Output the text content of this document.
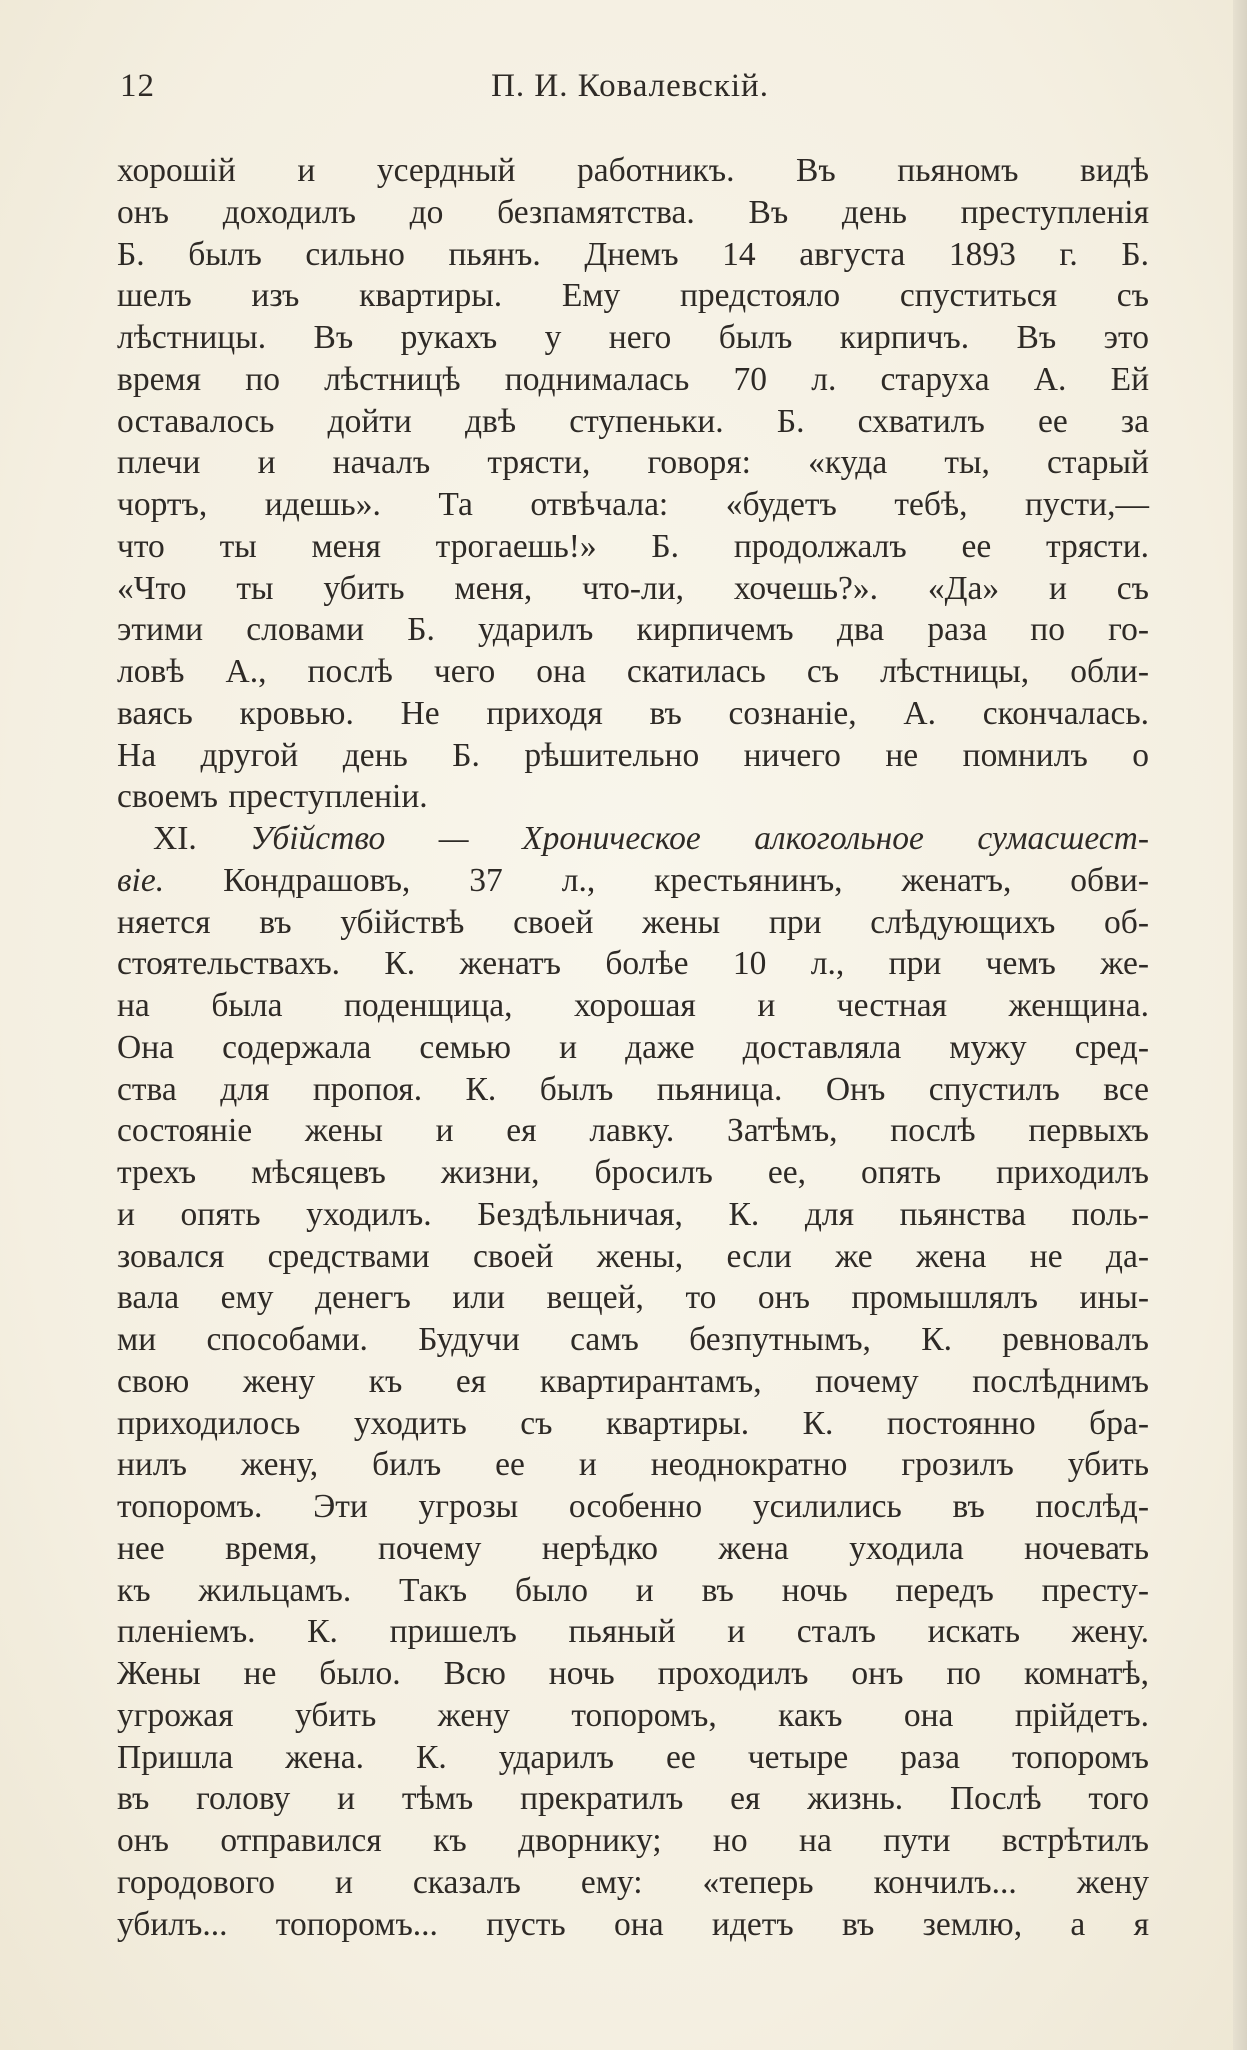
12	П. И. Ковалевскій.
хорошій и усердный работникъ. Въ пьяномъ видѣ
онъ доходилъ до безпамятства. Въ день преступленія
Б. былъ сильно пьянъ. Днемъ 14 августа 1893 г. Б.
шелъ изъ квартиры. Ему предстояло спуститься съ
лѣстницы. Въ рукахъ у него былъ кирпичъ. Въ это
время по лѣстницѣ поднималась 70 л. старуха А. Ей
оставалось дойти двѣ ступеньки. Б. схватилъ ее за
плечи и началъ трясти, говоря: «куда ты, старый
чортъ, идешь». Та отвѣчала: «будетъ тебѣ, пусти,—
что ты меня трогаешь!» Б. продолжалъ ее трясти.
«Что ты убить меня, что-ли, хочешь?». «Да» и съ
этими словами Б. ударилъ кирпичемъ два раза по го-
ловѣ А., послѣ чего она скатилась съ лѣстницы, обли-
ваясь кровью. Не приходя въ сознаніе, А. скончалась.
На другой день Б. рѣшительно ничего не помнилъ о
своемъ преступленіи.
XI. Убійство — Хроническое алкогольное сумасшест-
віе. Кондрашовъ, 37 л., крестьянинъ, женатъ, обви-
няется въ убійствѣ своей жены при слѣдующихъ об-
стоятельствахъ. К. женатъ болѣе 10 л., при чемъ же-
на была поденщица, хорошая и честная женщина.
Она содержала семью и даже доставляла мужу сред-
ства для пропоя. К. былъ пьяница. Онъ спустилъ все
состояніе жены и ея лавку. Затѣмъ, послѣ первыхъ
трехъ мѣсяцевъ жизни, бросилъ ее, опять приходилъ
и опять уходилъ. Бездѣльничая, К. для пьянства поль-
зовался средствами своей жены, если же жена не да-
вала ему денегъ или вещей, то онъ промышлялъ ины-
ми способами. Будучи самъ безпутнымъ, К. ревновалъ
свою жену къ ея квартирантамъ, почему послѣднимъ
приходилось уходить съ квартиры. К. постоянно бра-
нилъ жену, билъ ее и неоднократно грозилъ убить
топоромъ. Эти угрозы особенно усилились въ послѣд-
нее время, почему нерѣдко жена уходила ночевать
къ жильцамъ. Такъ было и въ ночь передъ престу-
пленіемъ. К. пришелъ пьяный и сталъ искать жену.
Жены не было. Всю ночь проходилъ онъ по комнатѣ,
угрожая убить жену топоромъ, какъ она прійдетъ.
Пришла жена. К. ударилъ ее четыре раза топоромъ
въ голову и тѣмъ прекратилъ ея жизнь. Послѣ того
онъ отправился къ дворнику; но на пути встрѣтилъ
городового и сказалъ ему: «теперь кончилъ... жену
убилъ... топоромъ... пусть она идетъ въ землю, а я
